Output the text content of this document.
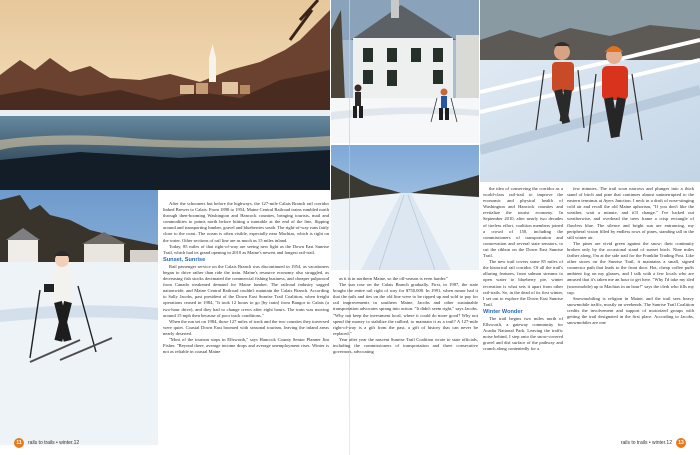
After the schooners but before the highways, the 127-mile Calais Branch rail corridor linked Brewer to Calais. From 1898 to 1954, Maine Central Railroad trains rumbled north through then-booming Washington and Hancock counties, bringing tourists, mail and commodities to points north before hitting a turntable at the end of the line, flipping around and transporting lumber, gravel and blueberries south. The right-of-way runs fairly close to the coast. The ocean is often visible, especially near Machias, which is right on the water. Other sections of rail line are as much as 15 miles inland.

Today, 85 miles of that right-of-way are seeing new light as the Down East Sunrise Trail, which had its grand opening in 2010 as Maine's newest and longest rail-trail.

Sunset, Sunrise

Rail passenger service on the Calais Branch was discontinued in 1954, as vacationers began to drive rather than ride the train. Maine's resource economy also struggled, as decreasing fish stocks decimated the commercial fishing business, and cheaper pulpwood from Canada weakened demand for Maine lumber. The railroad industry sagged nationwide, and Maine Central Railroad couldn't maintain the Calais Branch. According to Sally Jacobs, past president of the Down East Sunrise Trail Coalition, when freight operations ceased in 1984, "It took 12 hours to go [by train] from Bangor to Calais (a two-hour drive), and they had to change crews after eight hours. The train was moving around 15 mph then because of poor track conditions."

When the run set on 1984, those 127 miles of track and the two counties they traversed were quiet. Coastal Down East boomed with seasonal tourism, leaving the inland areas nearly deserted.

"Most of the tourism stops in Ellsworth," says Hancock County Senior Planner Jim Fisher. "Beyond there, average income drops and average unemployment rises. Winter is not as reliable in coastal Maine

as it is in northern Maine, so the off-season is even harder."

The sun rose on the Calais Branch gradually. First, in 1987, the state bought the entire rail right of way for $750,000. In 1991, when rumor had it that the rails and ties on the old line were to be ripped up and sold to pay for rail improvements in southern Maine, Jacobs and other sustainable transportation advocates sprang into action. "It didn't seem right," says Jacobs. "Why not keep the investment local, where it could do more good? Why not spend the money to stabilize the railbed, to maintain it as a trail? A 127-mile right-of-way is a gift from the past, a gift of history that can never be replaced."

Year after year the nascent Sunrise Trail Coalition wrote to state officials, including the commissioners of transportation and three consecutive governors, advocating

the idea of conserving the corridor as a world-class rail-trail to improve the economic and physical health of Washington and Hancock counties and revitalize the tourist economy. In September 2010, after nearly two decades of tireless effort, coalition members joined a crowd of 150, including the commissioners of transportation and conservation and several state senators, to cut the ribbon on the Down East Sunrise Trail.

The new trail covers some 85 miles of the historical rail corridor. Of all the trail's alluring features, from salmon streams to open water to blueberry pie, winter recreation is what sets it apart from other rail-trails. So, in the dead of its first winter, I set out to explore the Down East Sunrise Trail.

Winter Wonder

The trail begins two miles north of Ellsworth, a gateway community for Acadia National Park. Leaving the traffic noise behind, I step onto the snow-covered gravel and dirt surface of the pathway and crunch along contentedly for a

few minutes. The trail soon narrows and plunges into a thick stand of birch and pine that continues almost uninterrupted to the eastern terminus at Ayers Junction. I neck in a draft of nose-stinging cold air and recall the old Maine aphorism, "If you don't like the weather, wait a minute, and it'll change." I've lucked out weatherwise, and overhead the trees frame a crisp rectangle of flawless blue. The silence and bright sun are entrancing, my peripheral vision filled by endless rows of pines, standing tall in the still winter air.

The pines are vivid green against the snow; their continuity broken only by the occasional stand of sunset birch. Nine miles farther along, I'm at the side trail for the Franklin Trading Post. Like other stores on the Sunrise Trail, it maintains a small, signed connector path that leads to the front door. Hot, cheap coffee puffs ambient fog on my glasses, and I talk with a few locals who are amused that it's taken me an hour to get here. "Why I'd take my sled (snowmobile) up to Machias in an hour!" says the clerk who fills my cup.

Snowmobiling is religion in Maine, and the trail sees heavy snowmobile traffic, mostly on weekends. The Sunrise Trail Coalition credits the involvement and support of motorized groups with getting the trail designated in the first place. According to Jacobs, snowmobiles are one

11	rails to trails • winter.12	rails to trails • winter.12	13
